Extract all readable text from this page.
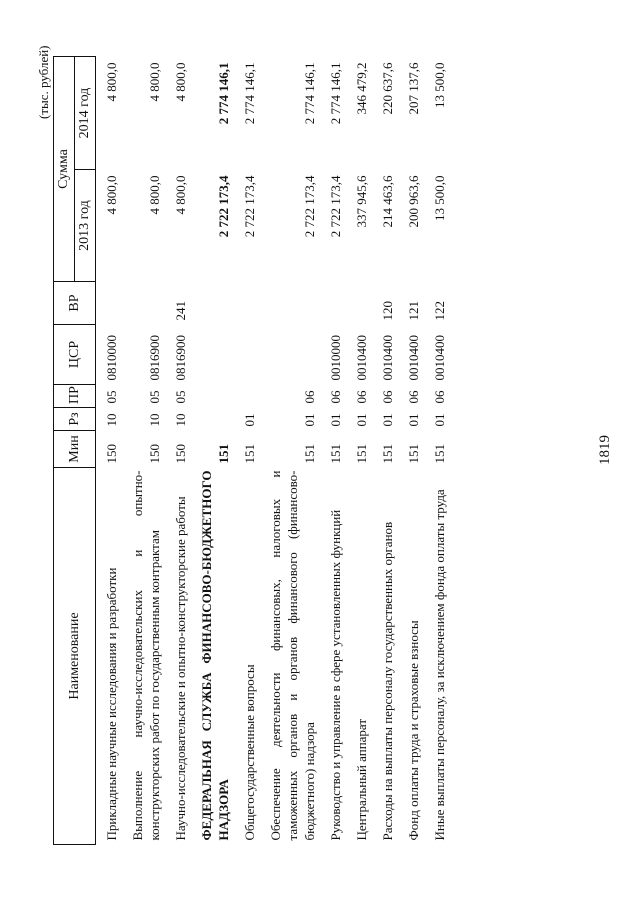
1819
(тыс. рублей)
Наименование	Мин	Рз	ПР	ЦСР	ВР	Сумма	
						2013 год	2014 год
Прикладные научные исследования и разработки	150	10	05	0810000		4 800,0	4 800,0
Выполнение научно-исследовательских и опытно-конструкторских работ по государственным контрактам	150	10	05	0816900		4 800,0	4 800,0
Научно-исследовательские и опытно-конструкторские работы	150	10	05	0816900	241	4 800,0	4 800,0
ФЕДЕРАЛЬНАЯ СЛУЖБА ФИНАНСОВО-БЮДЖЕТНОГО НАДЗОРА	151					2 722 173,4	2 774 146,1
Общегосударственные вопросы	151	01				2 722 173,4	2 774 146,1
Обеспечение деятельности финансовых, налоговых и таможенных органов и органов финансового (финансово-бюджетного) надзора	151	01	06			2 722 173,4	2 774 146,1
Руководство и управление в сфере установленных функций	151	01	06	0010000		2 722 173,4	2 774 146,1
Центральный аппарат	151	01	06	0010400		337 945,6	346 479,2
Расходы на выплаты персоналу государственных органов	151	01	06	0010400	120	214 463,6	220 637,6
Фонд оплаты труда и страховые взносы	151	01	06	0010400	121	200 963,6	207 137,6
Иные выплаты персоналу, за исключением фонда оплаты труда	151	01	06	0010400	122	13 500,0	13 500,0
